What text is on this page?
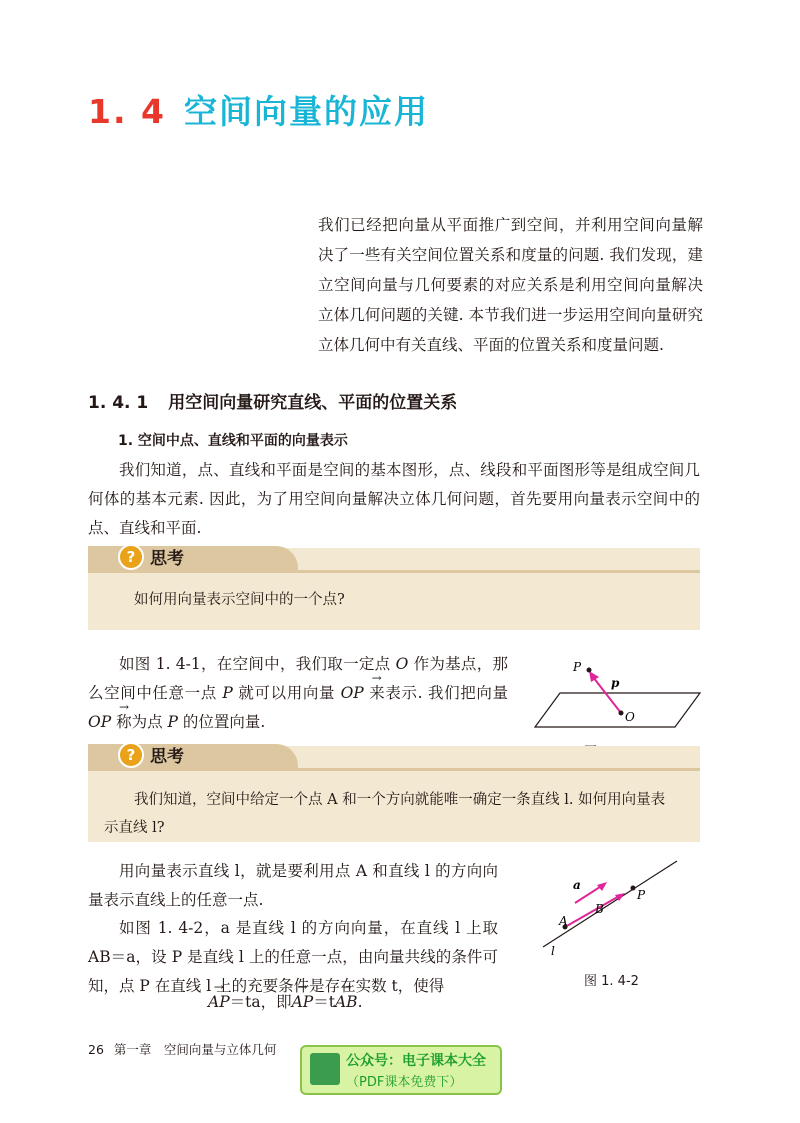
1. 4 空间向量的应用
我们已经把向量从平面推广到空间，并利用空间向量解决了一些有关空间位置关系和度量的问题. 我们发现，建立空间向量与几何要素的对应关系是利用空间向量解决立体几何问题的关键. 本节我们进一步运用空间向量研究立体几何中有关直线、平面的位置关系和度量问题.
1. 4. 1 用空间向量研究直线、平面的位置关系
1. 空间中点、直线和平面的向量表示
我们知道，点、直线和平面是空间的基本图形，点、线段和平面图形等是组成空间几何体的基本元素. 因此，为了用空间向量解决立体几何问题，首先要用向量表示空间中的点、直线和平面.
? 思考
如何用向量表示空间中的一个点?
如图 1. 4-1，在空间中，我们取一定点 O 作为基点，那么空间中任意一点 P 就可以用向量 → OP 来表示. 我们把向量 → OP 称为点 P 的位置向量.
P
p
O
? 思考
我们知道，空间中给定一个点 A 和一个方向就能唯一确定一条直线 l. 如何用向量表示直线 l?
用向量表示直线 l，就是要利用点 A 和直线 l 的方向向量表示直线上的任意一点.
如图 1. 4-2，a 是直线 l 的方向向量，在直线 l 上取 AB＝a，设 P 是直线 l 上的任意一点，由向量共线的条件可知，点 P 在直线 l 上的充要条件是存在实数 t，使得
→ AP＝ta，即→ AP＝t→ AB.
a
P
B
A
l
图 1. 4-2
26 第一章　空间向量与立体几何
公众号：电子课本大全
（PDF课本免费下）
